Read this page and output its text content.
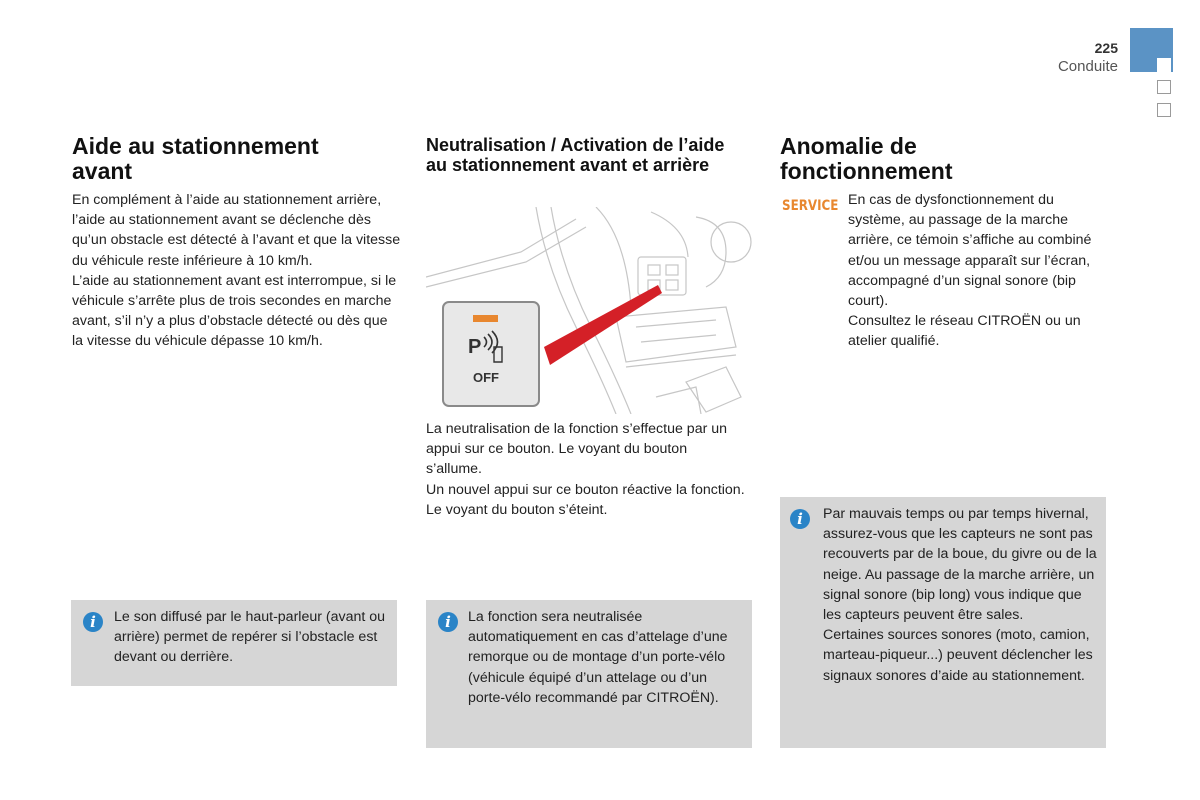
225
Conduite
Aide au stationnement avant

En complément à l’aide au stationnement arrière, l’aide au stationnement avant se déclenche dès qu’un obstacle est détecté à l’avant et que la vitesse du véhicule reste inférieure à 10 km/h.

L’aide au stationnement avant est interrompue, si le véhicule s’arrête plus de trois secondes en marche avant, s’il n’y a plus d’obstacle détecté ou dès que la vitesse du véhicule dépasse 10 km/h.

i	Le son diffusé par le haut-parleur (avant ou arrière) permet de repérer si l’obstacle est devant ou derrière.
Neutralisation / Activation de l’aide au stationnement avant et arrière
P
OFF

La neutralisation de la fonction s’effectue par un appui sur ce bouton. Le voyant du bouton s’allume.

Un nouvel appui sur ce bouton réactive la fonction. Le voyant du bouton s’éteint.

i	La fonction sera neutralisée automatiquement en cas d’attelage d’une remorque ou de montage d’un porte-vélo (véhicule équipé d’un attelage ou d’un porte-vélo recommandé par CITROËN).
Anomalie de fonctionnement
SERVICE En cas de dysfonctionnement du système, au passage de la marche arrière, ce témoin s’affiche au combiné et/ou un message apparaît sur l’écran, accompagné d’un signal sonore (bip court).

Consultez le réseau CITROËN ou un atelier qualifié.

i	Par mauvais temps ou par temps hivernal, assurez-vous que les capteurs ne sont pas recouverts par de la boue, du givre ou de la neige. Au passage de la marche arrière, un signal sonore (bip long) vous indique que les capteurs peuvent être sales.
Certaines sources sonores (moto, camion, marteau-piqueur...) peuvent déclencher les signaux sonores d’aide au stationnement.
